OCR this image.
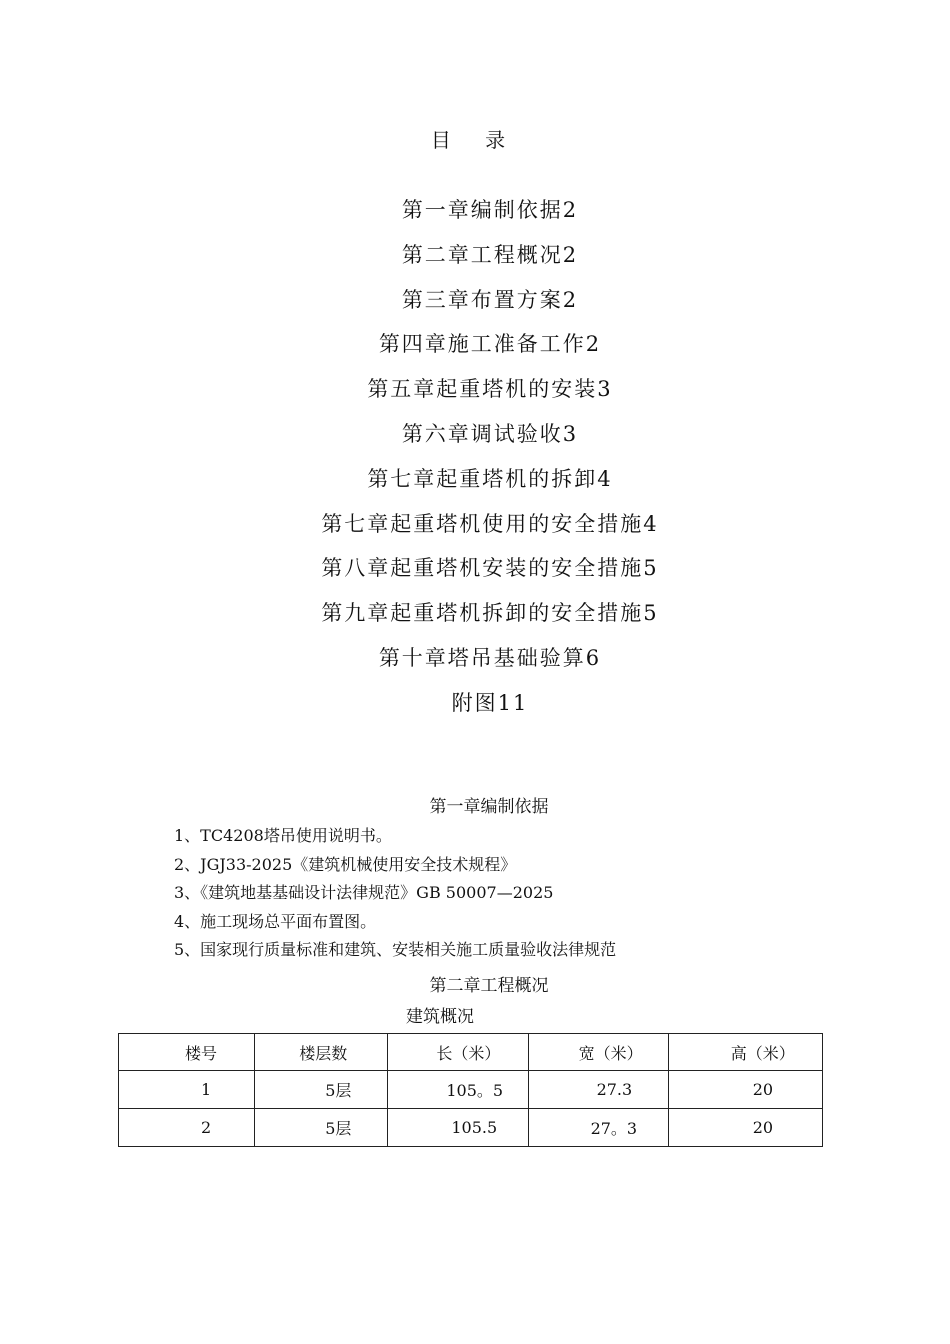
目 录
第一章编制依据2
第二章工程概况2
第三章布置方案2
第四章施工准备工作2
第五章起重塔机的安装3
第六章调试验收3
第七章起重塔机的拆卸4
第七章起重塔机使用的安全措施4
第八章起重塔机安装的安全措施5
第九章起重塔机拆卸的安全措施5
第十章塔吊基础验算6
附图11
第一章编制依据
1、TC4208塔吊使用说明书。
2、JGJ33-2025《建筑机械使用安全技术规程》
3、《建筑地基基础设计法律规范》GB 50007—2025
4、施工现场总平面布置图。
5、国家现行质量标准和建筑、安装相关施工质量验收法律规范
第二章工程概况
建筑概况
楼号	楼层数	长（米）	宽（米）	高（米）
1	5层	105。5	27.3	20
2	5层	105.5	27。3	20
